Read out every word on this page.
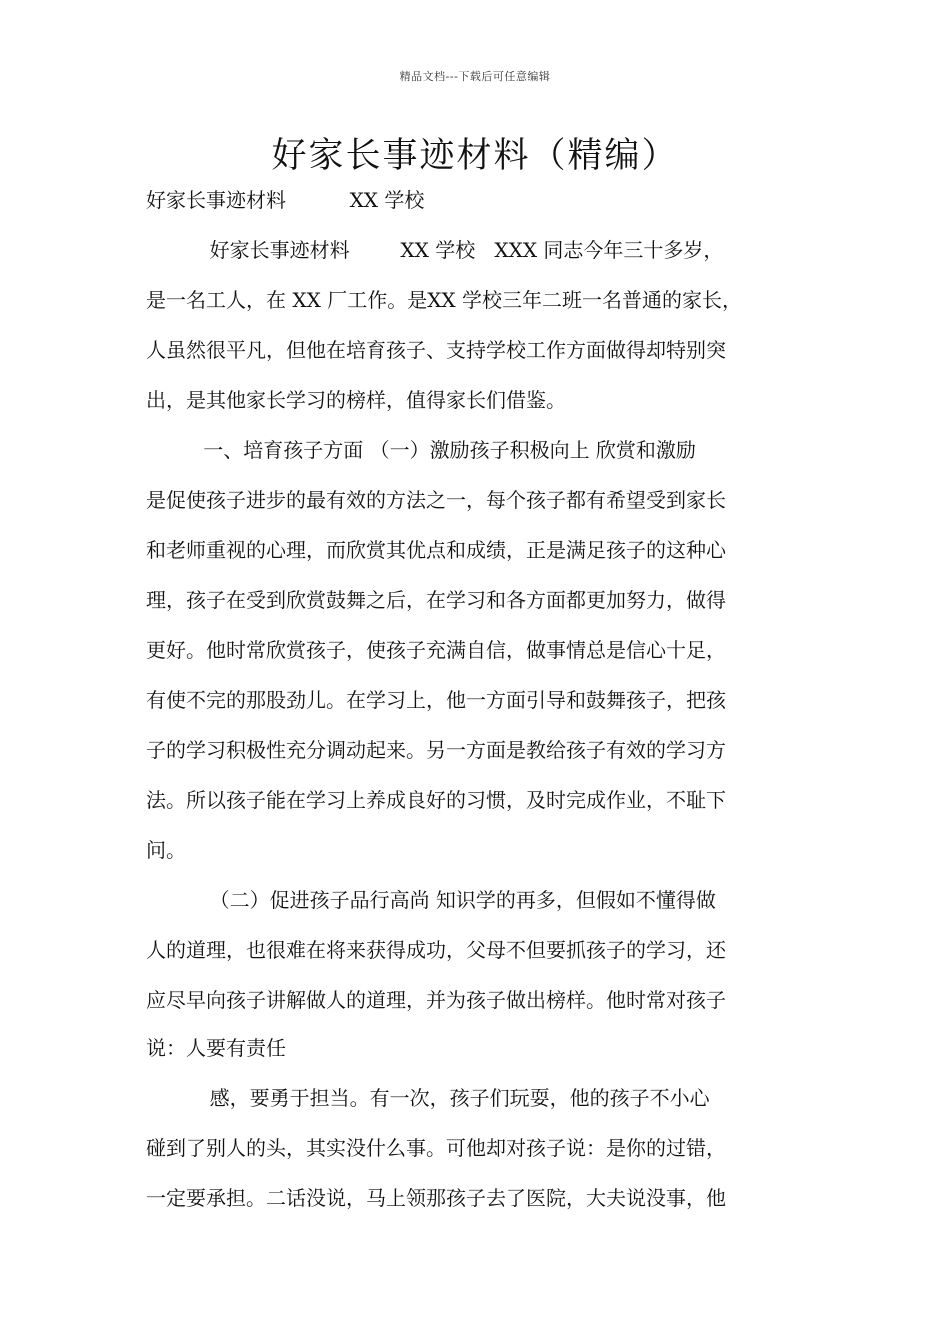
精品文档---下载后可任意编辑
好家长事迹材料（精编）
好家长事迹材料          XX 学校
好家长事迹材料        XX 学校   XXX 同志今年三十多岁，
是一名工人，在 XX 厂工作。是XX 学校三年二班一名普通的家长，
人虽然很平凡，但他在培育孩子、支持学校工作方面做得却特别突
出，是其他家长学习的榜样，值得家长们借鉴。
一、培育孩子方面 （一）激励孩子积极向上 欣赏和激励
是促使孩子进步的最有效的方法之一，每个孩子都有希望受到家长
和老师重视的心理，而欣赏其优点和成绩，正是满足孩子的这种心
理，孩子在受到欣赏鼓舞之后，在学习和各方面都更加努力，做得
更好。他时常欣赏孩子，使孩子充满自信，做事情总是信心十足，
有使不完的那股劲儿。在学习上，他一方面引导和鼓舞孩子，把孩
子的学习积极性充分调动起来。另一方面是教给孩子有效的学习方
法。所以孩子能在学习上养成良好的习惯，及时完成作业，不耻下
问。
（二）促进孩子品行高尚 知识学的再多，但假如不懂得做
人的道理，也很难在将来获得成功，父母不但要抓孩子的学习，还
应尽早向孩子讲解做人的道理，并为孩子做出榜样。他时常对孩子
说：人要有责任
感，要勇于担当。有一次，孩子们玩耍，他的孩子不小心
碰到了别人的头，其实没什么事。可他却对孩子说：是你的过错，
一定要承担。二话没说，马上领那孩子去了医院，大夫说没事，他
